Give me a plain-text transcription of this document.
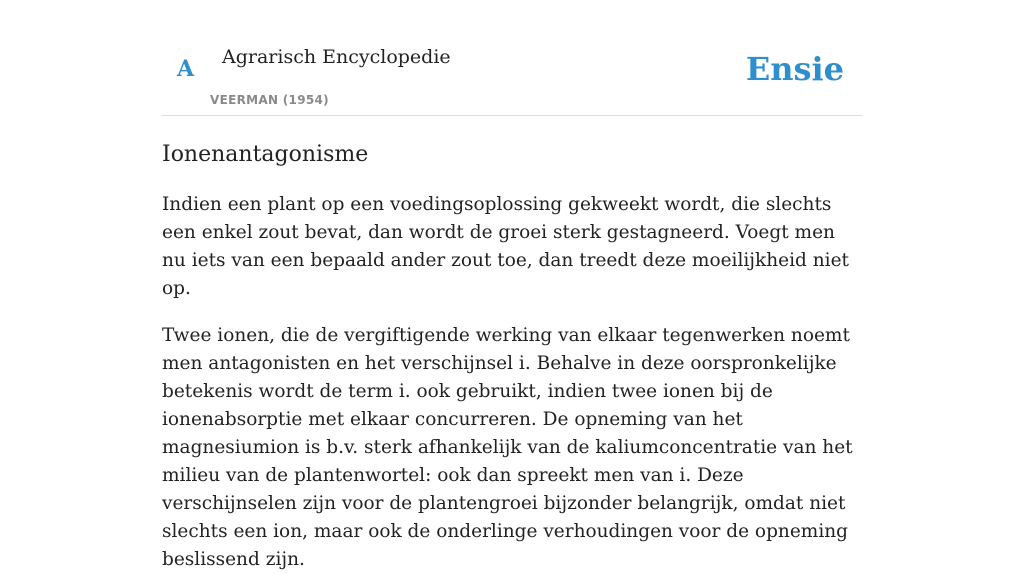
A Agrarisch Encyclopedie
VEERMAN (1954)
Ensie
Ionenantagonisme

Indien een plant op een voedingsoplossing gekweekt wordt, die slechts een enkel zout bevat, dan wordt de groei sterk gestagneerd. Voegt men nu iets van een bepaald ander zout toe, dan treedt deze moeilijkheid niet op.

Twee ionen, die de vergiftigende werking van elkaar tegenwerken noemt men antagonisten en het verschijnsel i. Behalve in deze oorspronkelijke betekenis wordt de term i. ook gebruikt, indien twee ionen bij de ionenabsorptie met elkaar concurreren. De opneming van het magnesiumion is b.v. sterk afhankelijk van de kaliumconcentratie van het milieu van de plantenwortel: ook dan spreekt men van i. Deze verschijnselen zijn voor de plantengroei bijzonder belangrijk, omdat niet slechts een ion, maar ook de onderlinge verhoudingen voor de opneming beslissend zijn.
